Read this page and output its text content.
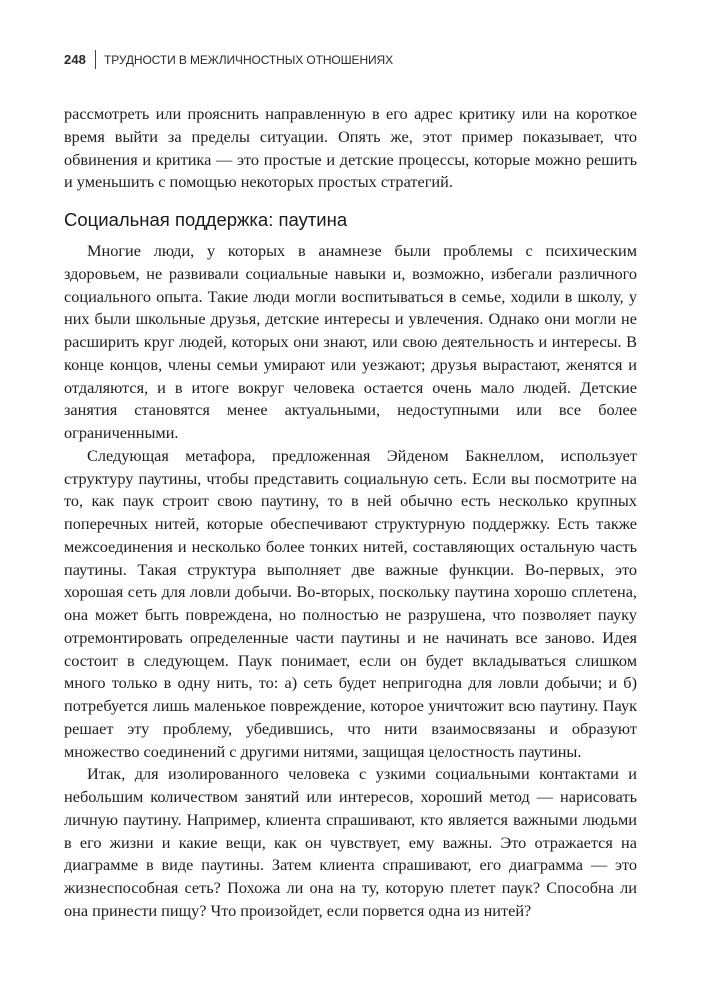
248 ТРУДНОСТИ В МЕЖЛИЧНОСТНЫХ ОТНОШЕНИЯХ

рассмотреть или прояснить направленную в его адрес критику или на короткое время выйти за пределы ситуации. Опять же, этот пример показывает, что обвинения и критика — это простые и детские процессы, которые можно решить и уменьшить с помощью некоторых простых стратегий.

Социальная поддержка: паутина

Многие люди, у которых в анамнезе были проблемы с психическим здоровьем, не развивали социальные навыки и, возможно, избегали различного социального опыта. Такие люди могли воспитываться в семье, ходили в школу, у них были школьные друзья, детские интересы и увлечения. Однако они могли не расширить круг людей, которых они знают, или свою деятельность и интересы. В конце концов, члены семьи умирают или уезжают; друзья вырастают, женятся и отдаляются, и в итоге вокруг человека остается очень мало людей. Детские занятия становятся менее актуальными, недоступными или все более ограниченными.

Следующая метафора, предложенная Эйденом Бакнеллом, использует структуру паутины, чтобы представить социальную сеть. Если вы посмотрите на то, как паук строит свою паутину, то в ней обычно есть несколько крупных поперечных нитей, которые обеспечивают структурную поддержку. Есть также межсоединения и несколько более тонких нитей, составляющих остальную часть паутины. Такая структура выполняет две важные функции. Во-первых, это хорошая сеть для ловли добычи. Во-вторых, поскольку паутина хорошо сплетена, она может быть повреждена, но полностью не разрушена, что позволяет пауку отремонтировать определенные части паутины и не начинать все заново. Идея состоит в следующем. Паук понимает, если он будет вкладываться слишком много только в одну нить, то: а) сеть будет непригодна для ловли добычи; и б) потребуется лишь маленькое повреждение, которое уничтожит всю паутину. Паук решает эту проблему, убедившись, что нити взаимосвязаны и образуют множество соединений с другими нитями, защищая целостность паутины.

Итак, для изолированного человека с узкими социальными контактами и небольшим количеством занятий или интересов, хороший метод — нарисовать личную паутину. Например, клиента спрашивают, кто является важными людьми в его жизни и какие вещи, как он чувствует, ему важны. Это отражается на диаграмме в виде паутины. Затем клиента спрашивают, его диаграмма — это жизнеспособная сеть? Похожа ли она на ту, которую плетет паук? Способна ли она принести пищу? Что произойдет, если порвется одна из нитей?
